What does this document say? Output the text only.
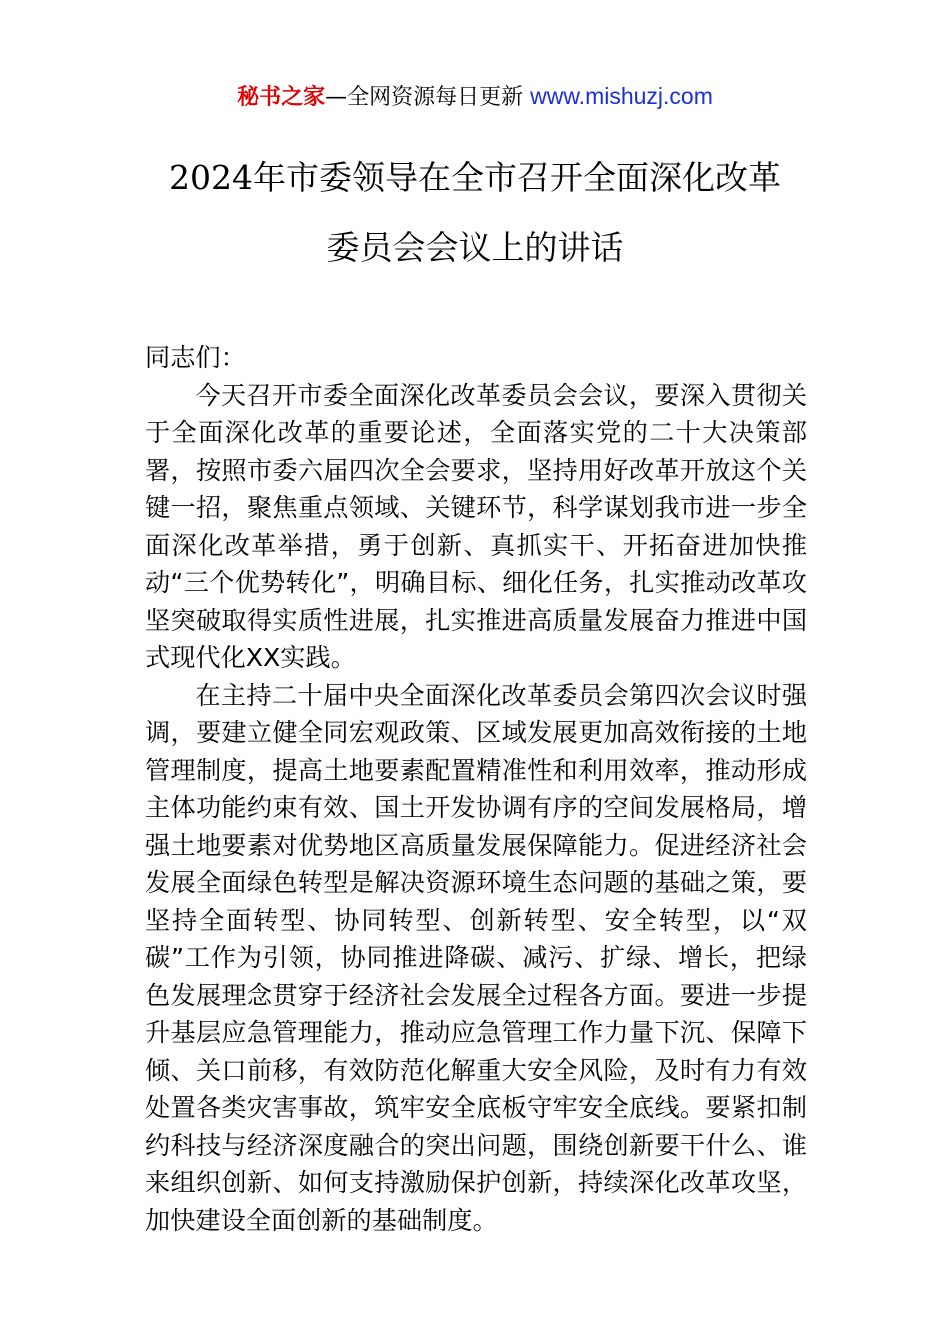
秘书之家—全网资源每日更新 www.mishuzj.com
2024年市委领导在全市召开全面深化改革
委员会会议上的讲话

同志们：

今天召开市委全面深化改革委员会会议，要深入贯彻关于全面深化改革的重要论述，全面落实党的二十大决策部署，按照市委六届四次全会要求，坚持用好改革开放这个关键一招，聚焦重点领域、关键环节，科学谋划我市进一步全面深化改革举措，勇于创新、真抓实干、开拓奋进加快推动“三个优势转化”，明确目标、细化任务，扎实推动改革攻坚突破取得实质性进展，扎实推进高质量发展奋力推进中国式现代化XX实践。

在主持二十届中央全面深化改革委员会第四次会议时强调，要建立健全同宏观政策、区域发展更加高效衔接的土地管理制度，提高土地要素配置精准性和利用效率，推动形成主体功能约束有效、国土开发协调有序的空间发展格局，增强土地要素对优势地区高质量发展保障能力。促进经济社会发展全面绿色转型是解决资源环境生态问题的基础之策，要坚持全面转型、协同转型、创新转型、安全转型，以“双碳”工作为引领，协同推进降碳、减污、扩绿、增长，把绿色发展理念贯穿于经济社会发展全过程各方面。要进一步提升基层应急管理能力，推动应急管理工作力量下沉、保障下倾、关口前移，有效防范化解重大安全风险，及时有力有效处置各类灾害事故，筑牢安全底板守牢安全底线。要紧扣制约科技与经济深度融合的突出问题，围绕创新要干什么、谁来组织创新、如何支持激励保护创新，持续深化改革攻坚，加快建设全面创新的基础制度。
